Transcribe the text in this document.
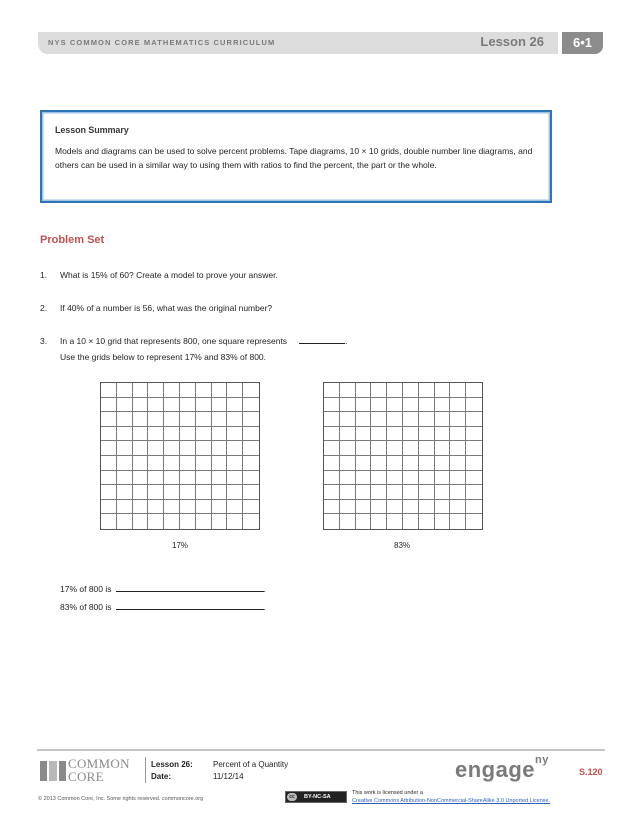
NYS COMMON CORE MATHEMATICS CURRICULUM	Lesson 26	6•1
Lesson Summary
Models and diagrams can be used to solve percent problems. Tape diagrams, 10 × 10 grids, double number line diagrams, and others can be used in a similar way to using them with ratios to find the percent, the part or the whole.
Problem Set
1. What is 15% of 60? Create a model to prove your answer.
2. If 40% of a number is 56, what was the original number?
3. In a 10 × 10 grid that represents 800, one square represents	.
Use the grids below to represent 17% and 83% of 800.
17%	83%
17% of 800 is	.
83% of 800 is	.
COMMON
CORE
Lesson 26:	Percent of a Quantity
Date:	11/12/14	engage$^{ny}$
S.120
© 2013 Common Core, Inc. Some rights reserved. commoncore.org	cc	BY-NC-SA
This work is licensed under a
Creative Commons Attribution-NonCommercial-ShareAlike 3.0 Unported License.
